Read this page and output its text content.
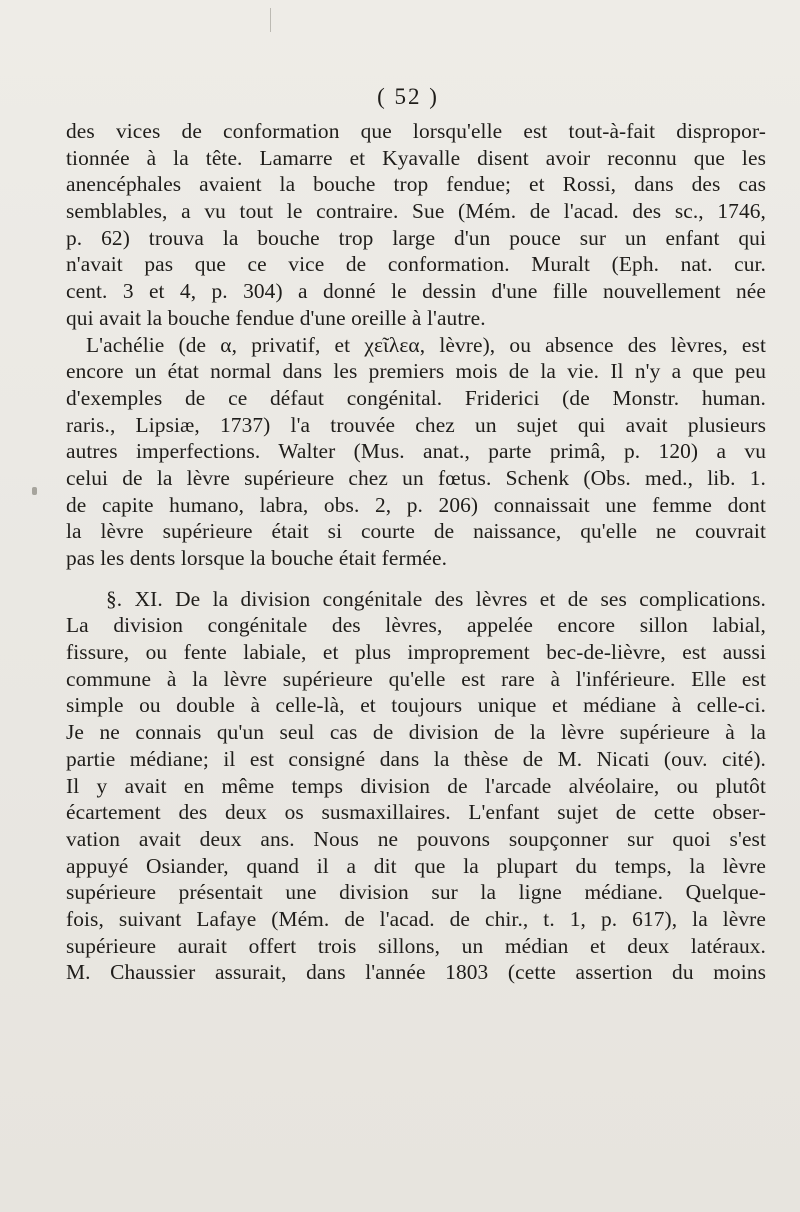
( 52 )
des vices de conformation que lorsqu'elle est tout-à-fait dispropor-
tionnée à la tête. Lamarre et Kyavalle disent avoir reconnu que les
anencéphales avaient la bouche trop fendue; et Rossi, dans des cas
semblables, a vu tout le contraire. Sue (Mém. de l'acad. des sc., 1746,
p. 62) trouva la bouche trop large d'un pouce sur un enfant qui
n'avait pas que ce vice de conformation. Muralt (Eph. nat. cur.
cent. 3 et 4, p. 304) a donné le dessin d'une fille nouvellement née
qui avait la bouche fendue d'une oreille à l'autre.
L'achélie (de α, privatif, et χεῖλεα, lèvre), ou absence des lèvres, est
encore un état normal dans les premiers mois de la vie. Il n'y a que peu
d'exemples de ce défaut congénital. Friderici (de Monstr. human.
raris., Lipsiæ, 1737) l'a trouvée chez un sujet qui avait plusieurs
autres imperfections. Walter (Mus. anat., parte primâ, p. 120) a vu
celui de la lèvre supérieure chez un fœtus. Schenk (Obs. med., lib. 1.
de capite humano, labra, obs. 2, p. 206) connaissait une femme dont
la lèvre supérieure était si courte de naissance, qu'elle ne couvrait
pas les dents lorsque la bouche était fermée.
§. XI. De la division congénitale des lèvres et de ses complications.
La division congénitale des lèvres, appelée encore sillon labial,
fissure, ou fente labiale, et plus improprement bec-de-lièvre, est aussi
commune à la lèvre supérieure qu'elle est rare à l'inférieure. Elle est
simple ou double à celle-là, et toujours unique et médiane à celle-ci.
Je ne connais qu'un seul cas de division de la lèvre supérieure à la
partie médiane; il est consigné dans la thèse de M. Nicati (ouv. cité).
Il y avait en même temps division de l'arcade alvéolaire, ou plutôt
écartement des deux os susmaxillaires. L'enfant sujet de cette obser-
vation avait deux ans. Nous ne pouvons soupçonner sur quoi s'est
appuyé Osiander, quand il a dit que la plupart du temps, la lèvre
supérieure présentait une division sur la ligne médiane. Quelque-
fois, suivant Lafaye (Mém. de l'acad. de chir., t. 1, p. 617), la lèvre
supérieure aurait offert trois sillons, un médian et deux latéraux.
M. Chaussier assurait, dans l'année 1803 (cette assertion du moins
